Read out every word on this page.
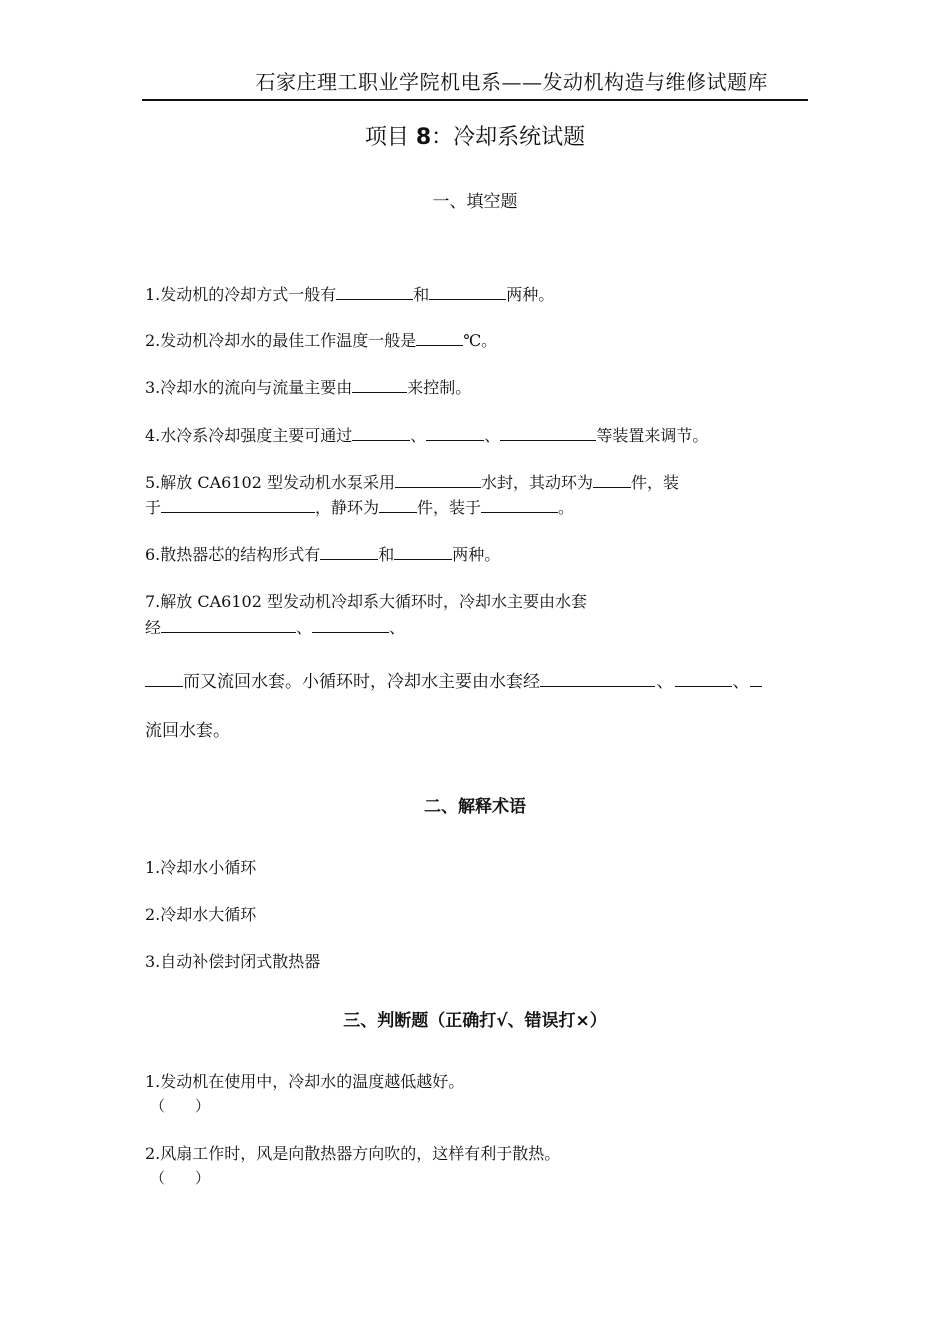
石家庄理工职业学院机电系——发动机构造与维修试题库
项目 8：冷却系统试题
一、填空题
1.发动机的冷却方式一般有	和	两种。
2.发动机冷却水的最佳工作温度一般是	℃。
3.冷却水的流向与流量主要由	来控制。
4.水冷系冷却强度主要可通过	、	、	等装置来调节。
5.解放 CA6102 型发动机水泵采用	水封，其动环为 件，装
于	，静环为 件，装于	。
6.散热器芯的结构形式有	和	两种。
7.解放 CA6102 型发动机冷却系大循环时，冷却水主要由水套
经	、	、
而又流回水套。小循环时，冷却水主要由水套经	、	、
流回水套。
二、解释术语
1.冷却水小循环
2.冷却水大循环
3.自动补偿封闭式散热器
三、判断题（正确打√、错误打×）
1.发动机在使用中，冷却水的温度越低越好。
（　　）
2.风扇工作时，风是向散热器方向吹的，这样有利于散热。
（　　）
